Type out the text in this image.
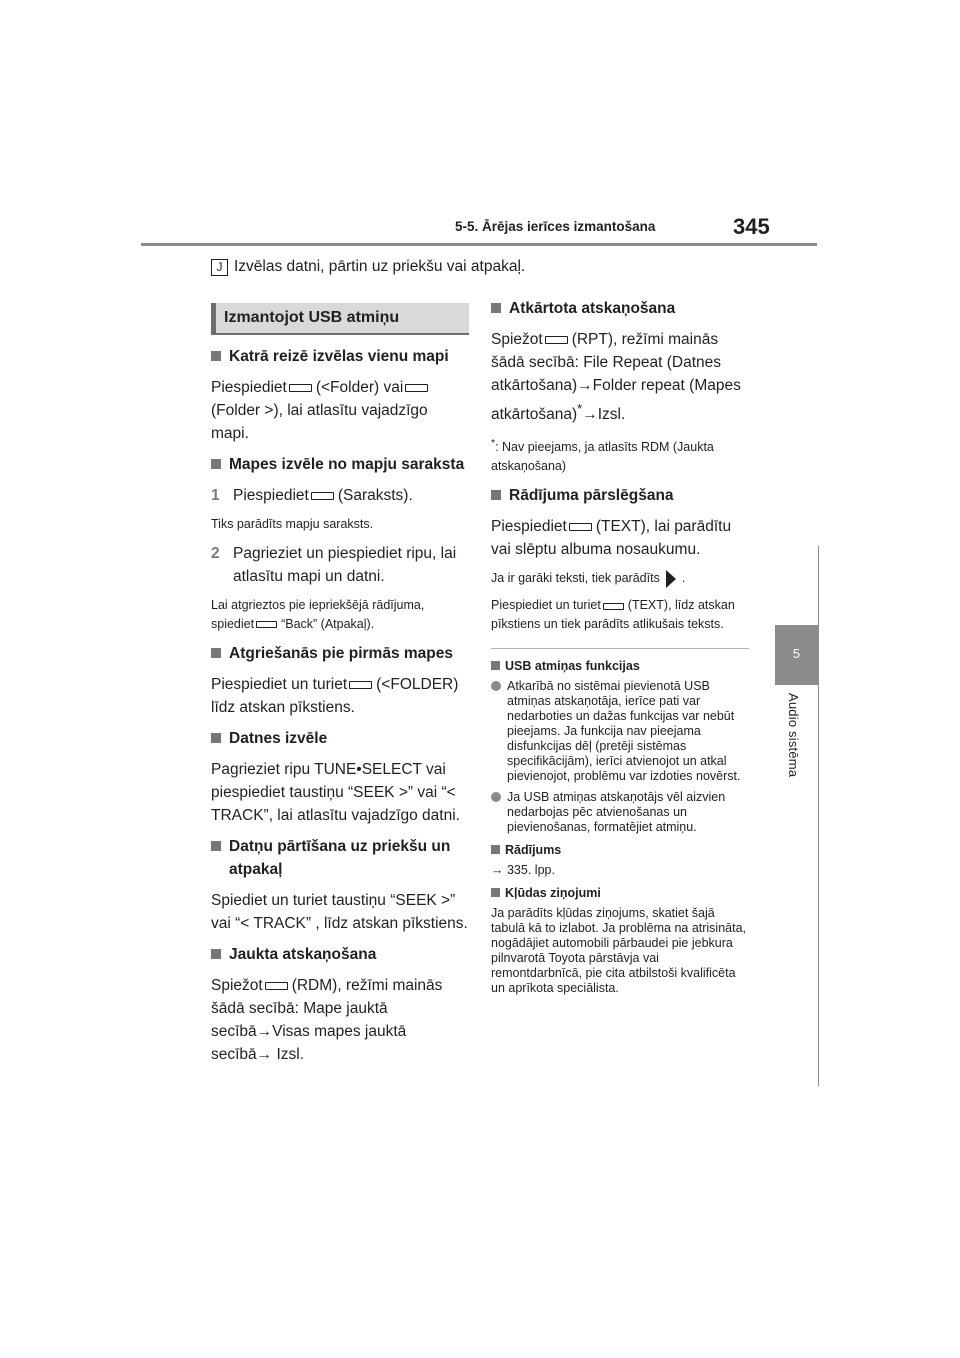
5-5. Ārējas ierīces izmantošana	345
5
Audio sistēma
J Izvēlas datni, pārtin uz priekšu vai atpakaļ.
Izmantojot USB atmiņu

Katrā reizē izvēlas vienu mapi

Piespiediet (<Folder) vai
(Folder >), lai atlasītu vajadzīgo mapi.

Mapes izvēle no mapju saraksta

1 Piespiediet (Saraksts).

Tiks parādīts mapju saraksts.

2 Pagrieziet un piespiediet ripu, lai atlasītu mapi un datni.

Lai atgrieztos pie iepriekšējā rādījuma, spiediet “Back” (Atpakaļ).

Atgriešanās pie pirmās mapes

Piespiediet un turiet (<FOLDER) līdz atskan pīkstiens.

Datnes izvēle

Pagrieziet ripu TUNE•SELECT vai piespiediet taustiņu “SEEK >” vai “< TRACK”, lai atlasītu vajadzīgo datni.

Datņu pārtīšana uz priekšu un atpakaļ

Spiediet un turiet taustiņu “SEEK >” vai “< TRACK” , līdz atskan pīkstiens.

Jaukta atskaņošana

Spiežot (RDM), režīmi mainās šādā secībā: Mape jauktā secībā→Visas mapes jauktā secībā→ Izsl.

Atkārtota atskaņošana

Spiežot (RPT), režīmi mainās šādā secībā: File Repeat (Datnes atkārtošana)→Folder repeat (Mapes atkārtošana)*→Izsl.

*: Nav pieejams, ja atlasīts RDM (Jaukta atskaņošana)

Rādījuma pārslēgšana

Piespiediet (TEXT), lai parādītu vai slēptu albuma nosaukumu.

Ja ir garāki teksti, tiek parādīts .

Piespiediet un turiet (TEXT), līdz atskan pīkstiens un tiek parādīts atlikušais teksts.

USB atmiņas funkcijas

Atkarībā no sistēmai pievienotā USB atmiņas atskaņotāja, ierīce pati var nedarboties un dažas funkcijas var nebūt pieejams. Ja funkcija nav pieejama disfunkcijas dēļ (pretēji sistēmas specifikācijām), ierīci atvienojot un atkal pievienojot, problēmu var izdoties novērst.

Ja USB atmiņas atskaņotājs vēl aizvien nedarbojas pēc atvienošanas un pievienošanas, formatējiet atmiņu.

Rādījums

→ 335. lpp.

Kļūdas ziņojumi

Ja parādīts kļūdas ziņojums, skatiet šajā tabulā kā to izlabot. Ja problēma na atrisināta, nogādājiet automobili pārbaudei pie jebkura pilnvarotā Toyota pārstāvja vai remontdarbnīcā, pie cita atbilstoši kvalificēta un aprīkota speciālista.
